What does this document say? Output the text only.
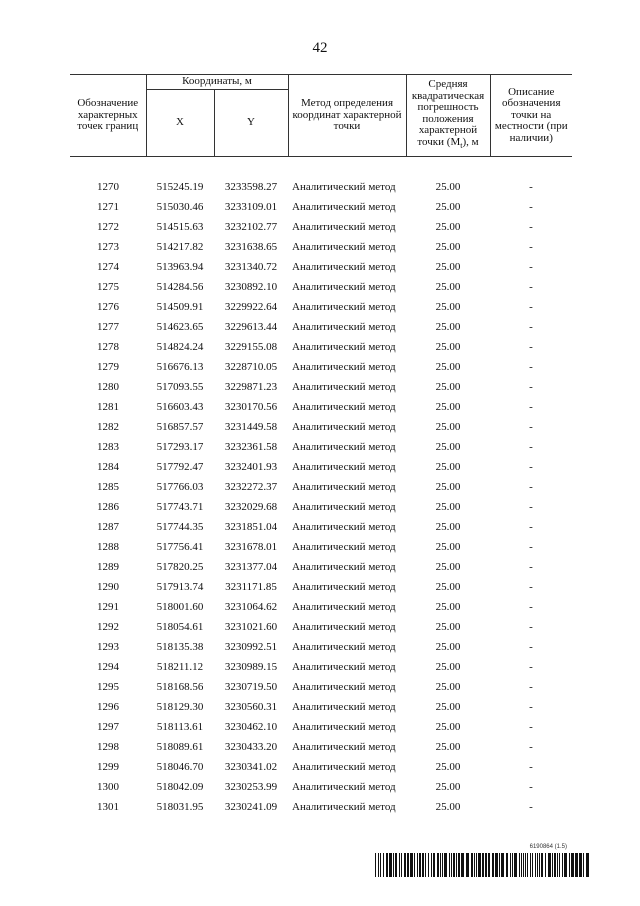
42
Обозначение характерных точек границ	Координаты, м		Метод определения координат характерной точки	Средняя квадратическая погрешность положения характерной
точки $(M_t)$, м	Описание обозначения точки на местности (при наличии)
	X	Y			

1270	515245.19	3233598.27	Аналитический метод	25.00	-
1271	515030.46	3233109.01	Аналитический метод	25.00	-
1272	514515.63	3232102.77	Аналитический метод	25.00	-
1273	514217.82	3231638.65	Аналитический метод	25.00	-
1274	513963.94	3231340.72	Аналитический метод	25.00	-
1275	514284.56	3230892.10	Аналитический метод	25.00	-
1276	514509.91	3229922.64	Аналитический метод	25.00	-
1277	514623.65	3229613.44	Аналитический метод	25.00	-
1278	514824.24	3229155.08	Аналитический метод	25.00	-
1279	516676.13	3228710.05	Аналитический метод	25.00	-
1280	517093.55	3229871.23	Аналитический метод	25.00	-
1281	516603.43	3230170.56	Аналитический метод	25.00	-
1282	516857.57	3231449.58	Аналитический метод	25.00	-
1283	517293.17	3232361.58	Аналитический метод	25.00	-
1284	517792.47	3232401.93	Аналитический метод	25.00	-
1285	517766.03	3232272.37	Аналитический метод	25.00	-
1286	517743.71	3232029.68	Аналитический метод	25.00	-
1287	517744.35	3231851.04	Аналитический метод	25.00	-
1288	517756.41	3231678.01	Аналитический метод	25.00	-
1289	517820.25	3231377.04	Аналитический метод	25.00	-
1290	517913.74	3231171.85	Аналитический метод	25.00	-
1291	518001.60	3231064.62	Аналитический метод	25.00	-
1292	518054.61	3231021.60	Аналитический метод	25.00	-
1293	518135.38	3230992.51	Аналитический метод	25.00	-
1294	518211.12	3230989.15	Аналитический метод	25.00	-
1295	518168.56	3230719.50	Аналитический метод	25.00	-
1296	518129.30	3230560.31	Аналитический метод	25.00	-
1297	518113.61	3230462.10	Аналитический метод	25.00	-
1298	518089.61	3230433.20	Аналитический метод	25.00	-
1299	518046.70	3230341.02	Аналитический метод	25.00	-
1300	518042.09	3230253.99	Аналитический метод	25.00	-
1301	518031.95	3230241.09	Аналитический метод	25.00	-
6190864 (1.5)
